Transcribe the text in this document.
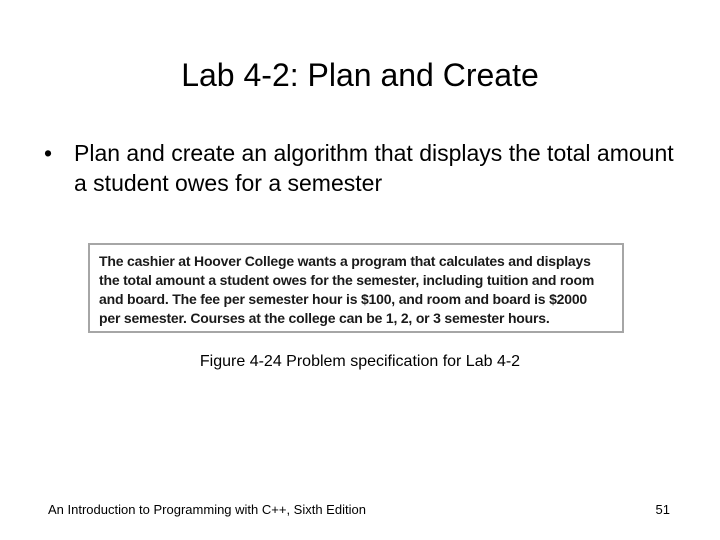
Lab 4-2: Plan and Create
• Plan and create an algorithm that displays the total amount a student owes for a semester
The cashier at Hoover College wants a program that calculates and displays
the total amount a student owes for the semester, including tuition and room
and board. The fee per semester hour is $100, and room and board is $2000
per semester. Courses at the college can be 1, 2, or 3 semester hours.
Figure 4-24 Problem specification for Lab 4-2
An Introduction to Programming with C++, Sixth Edition	51
